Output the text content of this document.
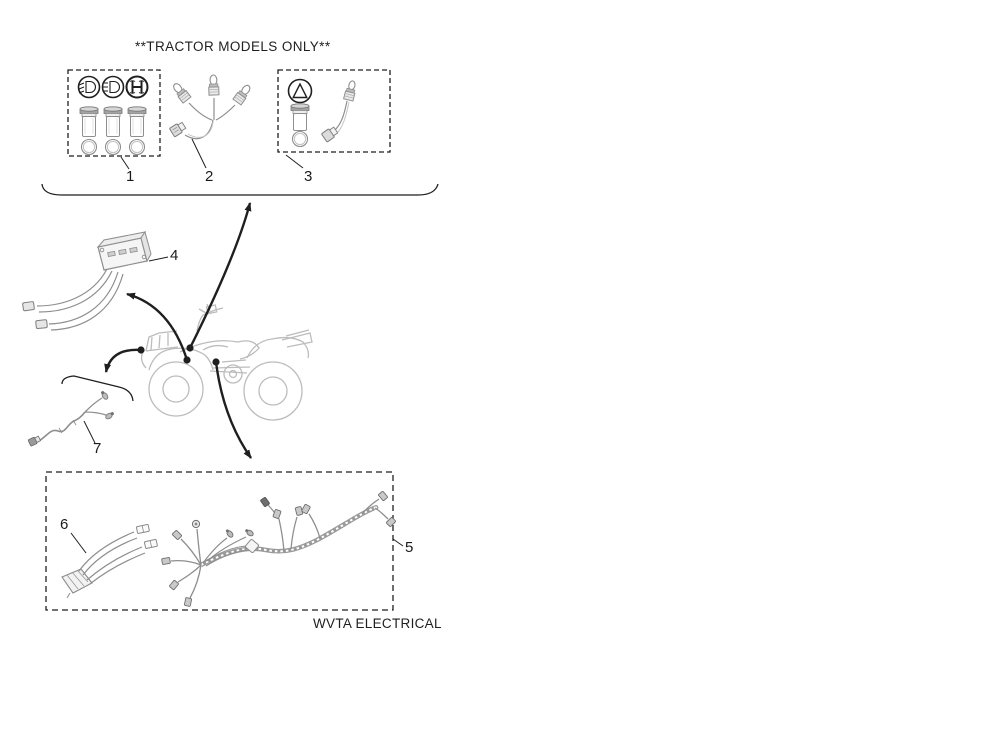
**TRACTOR MODELS ONLY**
1	2	3
4
5
6
7
WVTA ELECTRICAL
